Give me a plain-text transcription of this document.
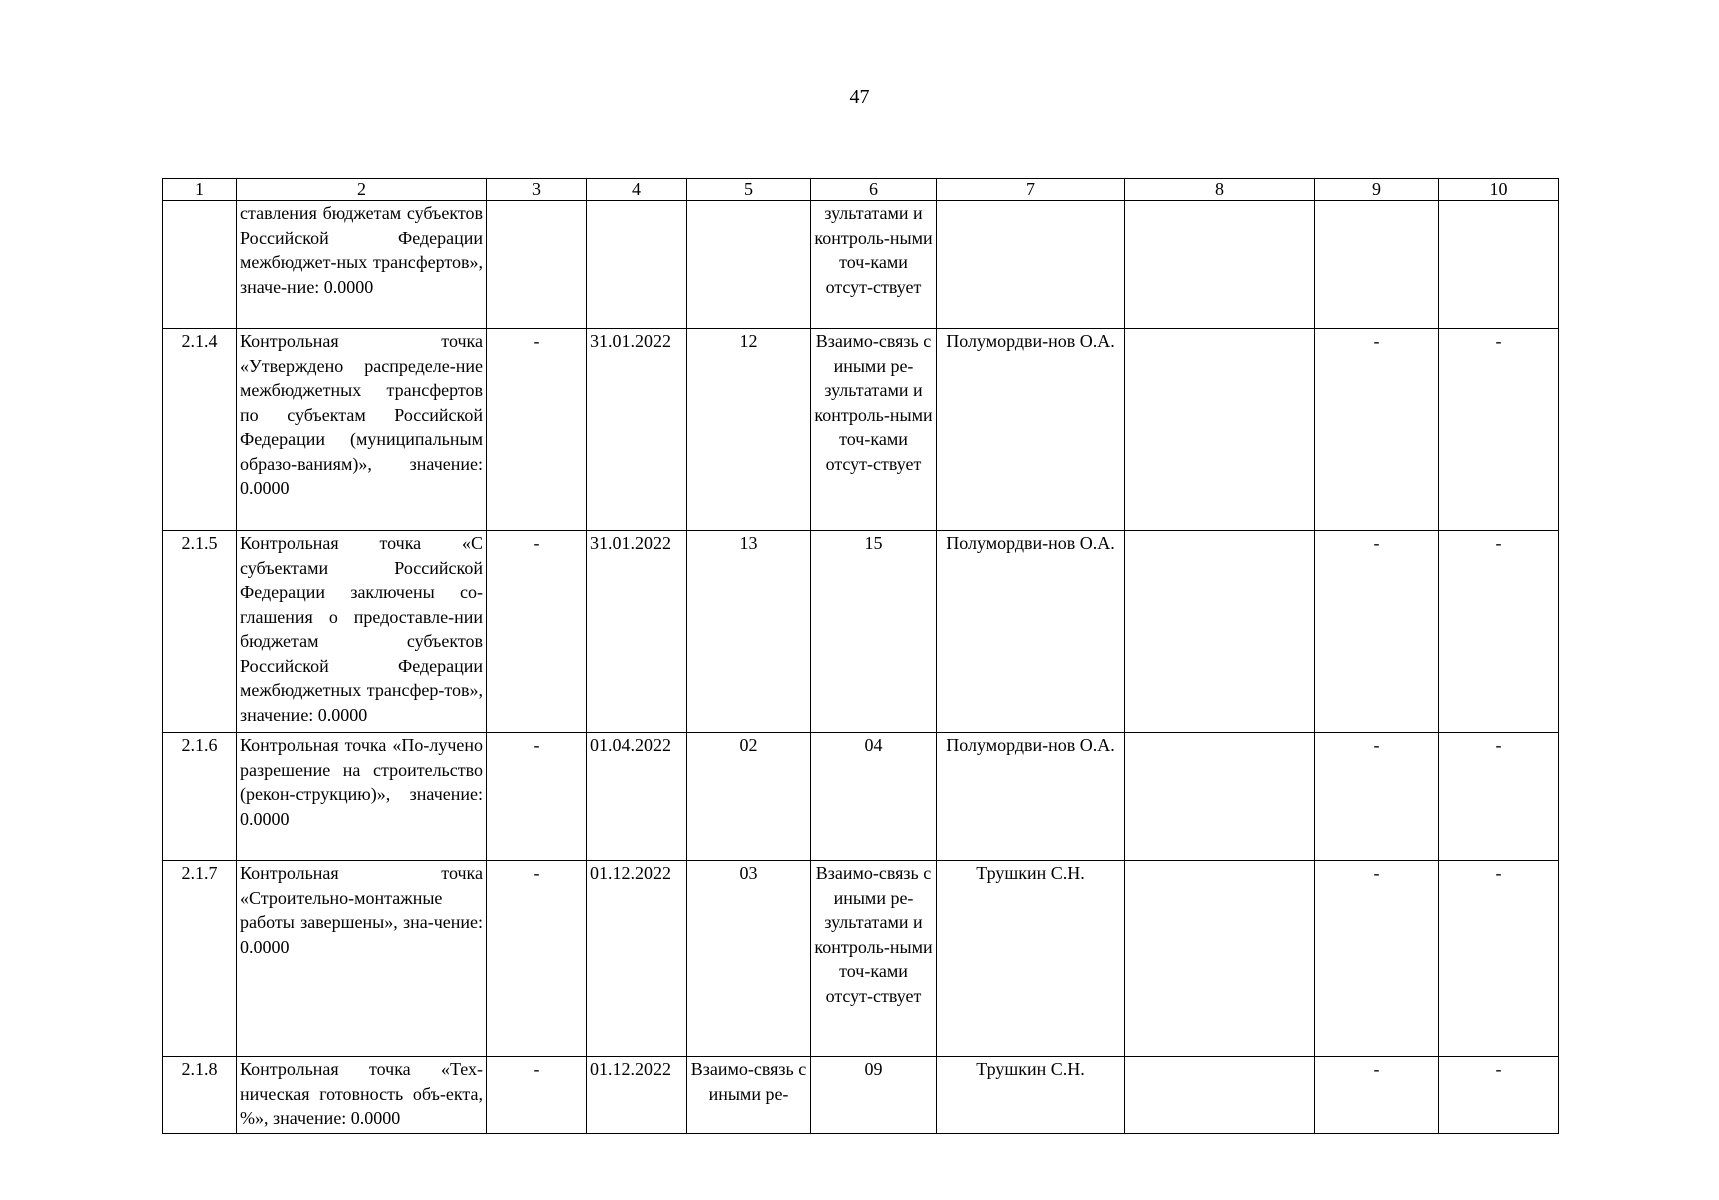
47
1	2	3	4	5	6	7	8	9	10
	ставления бюджетам субъектов Российской Федерации межбюджет-ных трансфертов», значе-ние: 0.0000				зультатами и контроль-ными точ-ками отсут-ствует				
2.1.4	Контрольная точка «Утверждено распределе-ние межбюджетных трансфертов по субъектам Российской Федерации (муниципальным образо-ваниям)», значение: 0.0000	-	31.01.2022	12	Взаимо-связь с иными ре-зультатами и контроль-ными точ-ками отсут-ствует	Полумордви-нов О.А.		-	-
2.1.5	Контрольная точка «С субъектами Российской Федерации заключены со-глашения о предоставле-нии бюджетам субъектов Российской Федерации межбюджетных трансфер-тов», значение: 0.0000	-	31.01.2022	13	15	Полумордви-нов О.А.		-	-
2.1.6	Контрольная точка «По-лучено разрешение на строительство (рекон-струкцию)», значение: 0.0000	-	01.04.2022	02	04	Полумордви-нов О.А.		-	-
2.1.7	Контрольная точка «Строительно-монтажные работы завершены», зна-чение: 0.0000	-	01.12.2022	03	Взаимо-связь с иными ре-зультатами и контроль-ными точ-ками отсут-ствует	Трушкин С.Н.		-	-
2.1.8	Контрольная точка «Тех-ническая готовность объ-екта, %», значение: 0.0000	-	01.12.2022	Взаимо-связь с иными ре-	09	Трушкин С.Н.		-	-
